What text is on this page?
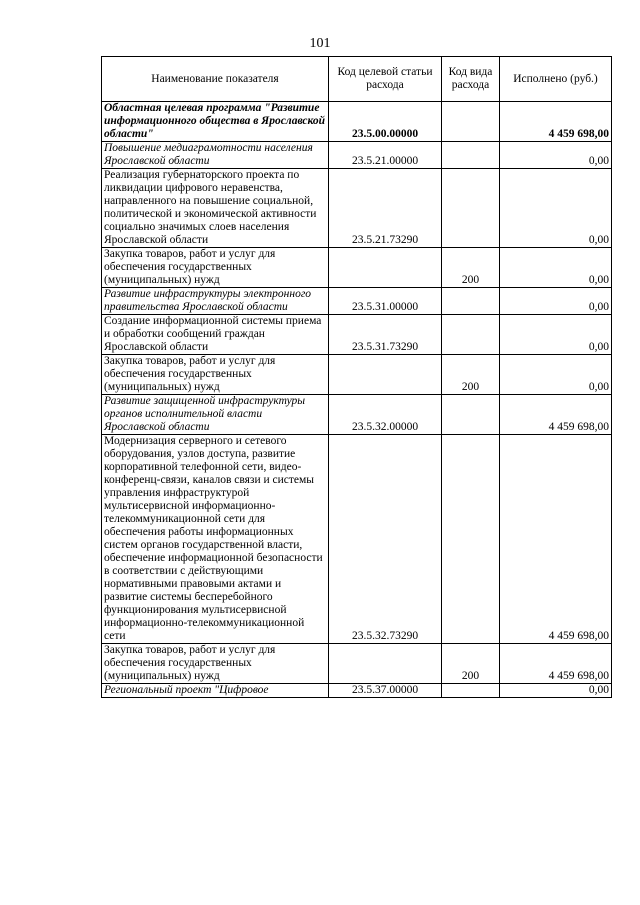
101
Наименование показателя	Код целевой статьи расхода	Код вида расхода	Исполнено (руб.)
Областная целевая программа "Развитие информационного общества в Ярославской области"	23.5.00.00000		4 459 698,00
Повышение медиаграмотности населения Ярославской области	23.5.21.00000		0,00
Реализация губернаторского проекта по ликвидации цифрового неравенства, направленного на повышение социальной, политической и экономической активности социально значимых слоев населения Ярославской области	23.5.21.73290		0,00
Закупка товаров, работ и услуг для обеспечения государственных (муниципальных) нужд		200	0,00
Развитие инфраструктуры электронного правительства Ярославской области	23.5.31.00000		0,00
Создание информационной системы приема и обработки сообщений граждан Ярославской области	23.5.31.73290		0,00
Закупка товаров, работ и услуг для обеспечения государственных (муниципальных) нужд		200	0,00
Развитие защищенной инфраструктуры органов исполнительной власти Ярославской области	23.5.32.00000		4 459 698,00
Модернизация серверного и сетевого оборудования, узлов доступа, развитие корпоративной телефонной сети, видео-конференц-связи, каналов связи и системы управления инфраструктурой мультисервисной информационно-телекоммуникационной сети для обеспечения работы информационных систем органов государственной власти, обеспечение информационной безопасности в соответствии с действующими нормативными правовыми актами и развитие системы бесперебойного функционирования мультисервисной информационно-телекоммуникационной сети	23.5.32.73290		4 459 698,00
Закупка товаров, работ и услуг для обеспечения государственных (муниципальных) нужд		200	4 459 698,00
Региональный проект "Цифровое	23.5.37.00000		0,00
